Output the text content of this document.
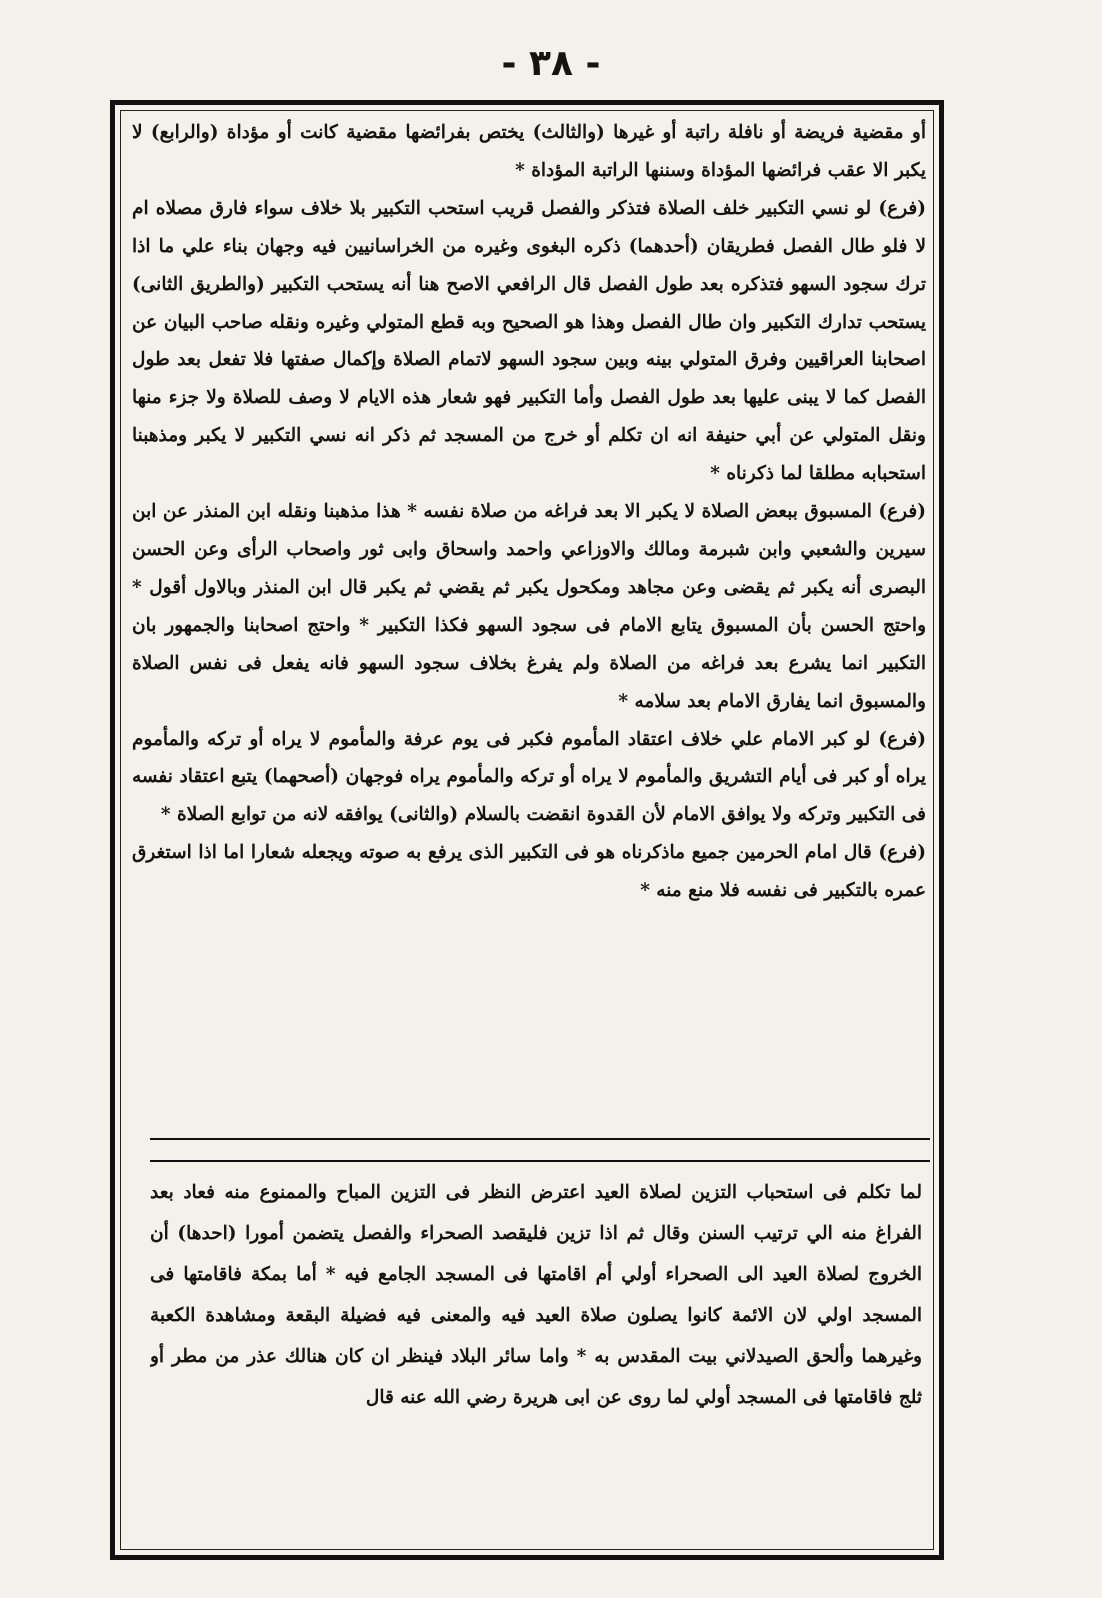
- ٣٨ -

أو مقضية فريضة أو نافلة راتبة أو غيرها (والثالث) يختص بفرائضها مقضية كانت أو مؤداة (والرابع) لا يكبر الا عقب فرائضها المؤداة وسننها الراتبة المؤداة *

(فرع) لو نسي التكبير خلف الصلاة فتذكر والفصل قريب استحب التكبير بلا خلاف سواء فارق مصلاه ام لا فلو طال الفصل فطريقان (أحدهما) ذكره البغوى وغيره من الخراسانيين فيه وجهان بناء علي ما اذا ترك سجود السهو فتذكره بعد طول الفصل قال الرافعي الاصح هنا أنه يستحب التكبير (والطريق الثانى) يستحب تدارك التكبير وان طال الفصل وهذا هو الصحيح وبه قطع المتولي وغيره ونقله صاحب البيان عن اصحابنا العراقيين وفرق المتولي بينه وبين سجود السهو لاتمام الصلاة وإكمال صفتها فلا تفعل بعد طول الفصل كما لا يبنى عليها بعد طول الفصل وأما التكبير فهو شعار هذه الايام لا وصف للصلاة ولا جزء منها ونقل المتولي عن أبي حنيفة انه ان تكلم أو خرج من المسجد ثم ذكر انه نسي التكبير لا يكبر ومذهبنا استحبابه مطلقا لما ذكرناه *

(فرع) المسبوق ببعض الصلاة لا يكبر الا بعد فراغه من صلاة نفسه * هذا مذهبنا ونقله ابن المنذر عن ابن سيرين والشعبي وابن شبرمة ومالك والاوزاعي واحمد واسحاق وابى ثور واصحاب الرأى وعن الحسن البصرى أنه يكبر ثم يقضى وعن مجاهد ومكحول يكبر ثم يقضي ثم يكبر قال ابن المنذر وبالاول أقول * واحتج الحسن بأن المسبوق يتابع الامام فى سجود السهو فكذا التكبير * واحتج اصحابنا والجمهور بان التكبير انما يشرع بعد فراغه من الصلاة ولم يفرغ بخلاف سجود السهو فانه يفعل فى نفس الصلاة والمسبوق انما يفارق الامام بعد سلامه *

(فرع) لو كبر الامام علي خلاف اعتقاد المأموم فكبر فى يوم عرفة والمأموم لا يراه أو تركه والمأموم يراه أو كبر فى أيام التشريق والمأموم لا يراه أو تركه والمأموم يراه فوجهان (أصحهما) يتبع اعتقاد نفسه فى التكبير وتركه ولا يوافق الامام لأن القدوة انقضت بالسلام (والثانى) يوافقه لانه من توابع الصلاة *

(فرع) قال امام الحرمين جميع ماذكرناه هو فى التكبير الذى يرفع به صوته ويجعله شعارا اما اذا استغرق عمره بالتكبير فى نفسه فلا منع منه *

لما تكلم فى استحباب التزين لصلاة العيد اعترض النظر فى التزين المباح والممنوع منه فعاد بعد الفراغ منه الي ترتيب السنن وقال ثم اذا تزين فليقصد الصحراء والفصل يتضمن أمورا (احدها) أن الخروج لصلاة العيد الى الصحراء أولي أم اقامتها فى المسجد الجامع فيه * أما بمكة فاقامتها فى المسجد اولي لان الائمة كانوا يصلون صلاة العيد فيه والمعنى فيه فضيلة البقعة ومشاهدة الكعبة وغيرهما وألحق الصيدلاني بيت المقدس به * واما سائر البلاد فينظر ان كان هنالك عذر من مطر أو ثلج فاقامتها فى المسجد أولي لما روى عن ابى هريرة رضي الله عنه قال
